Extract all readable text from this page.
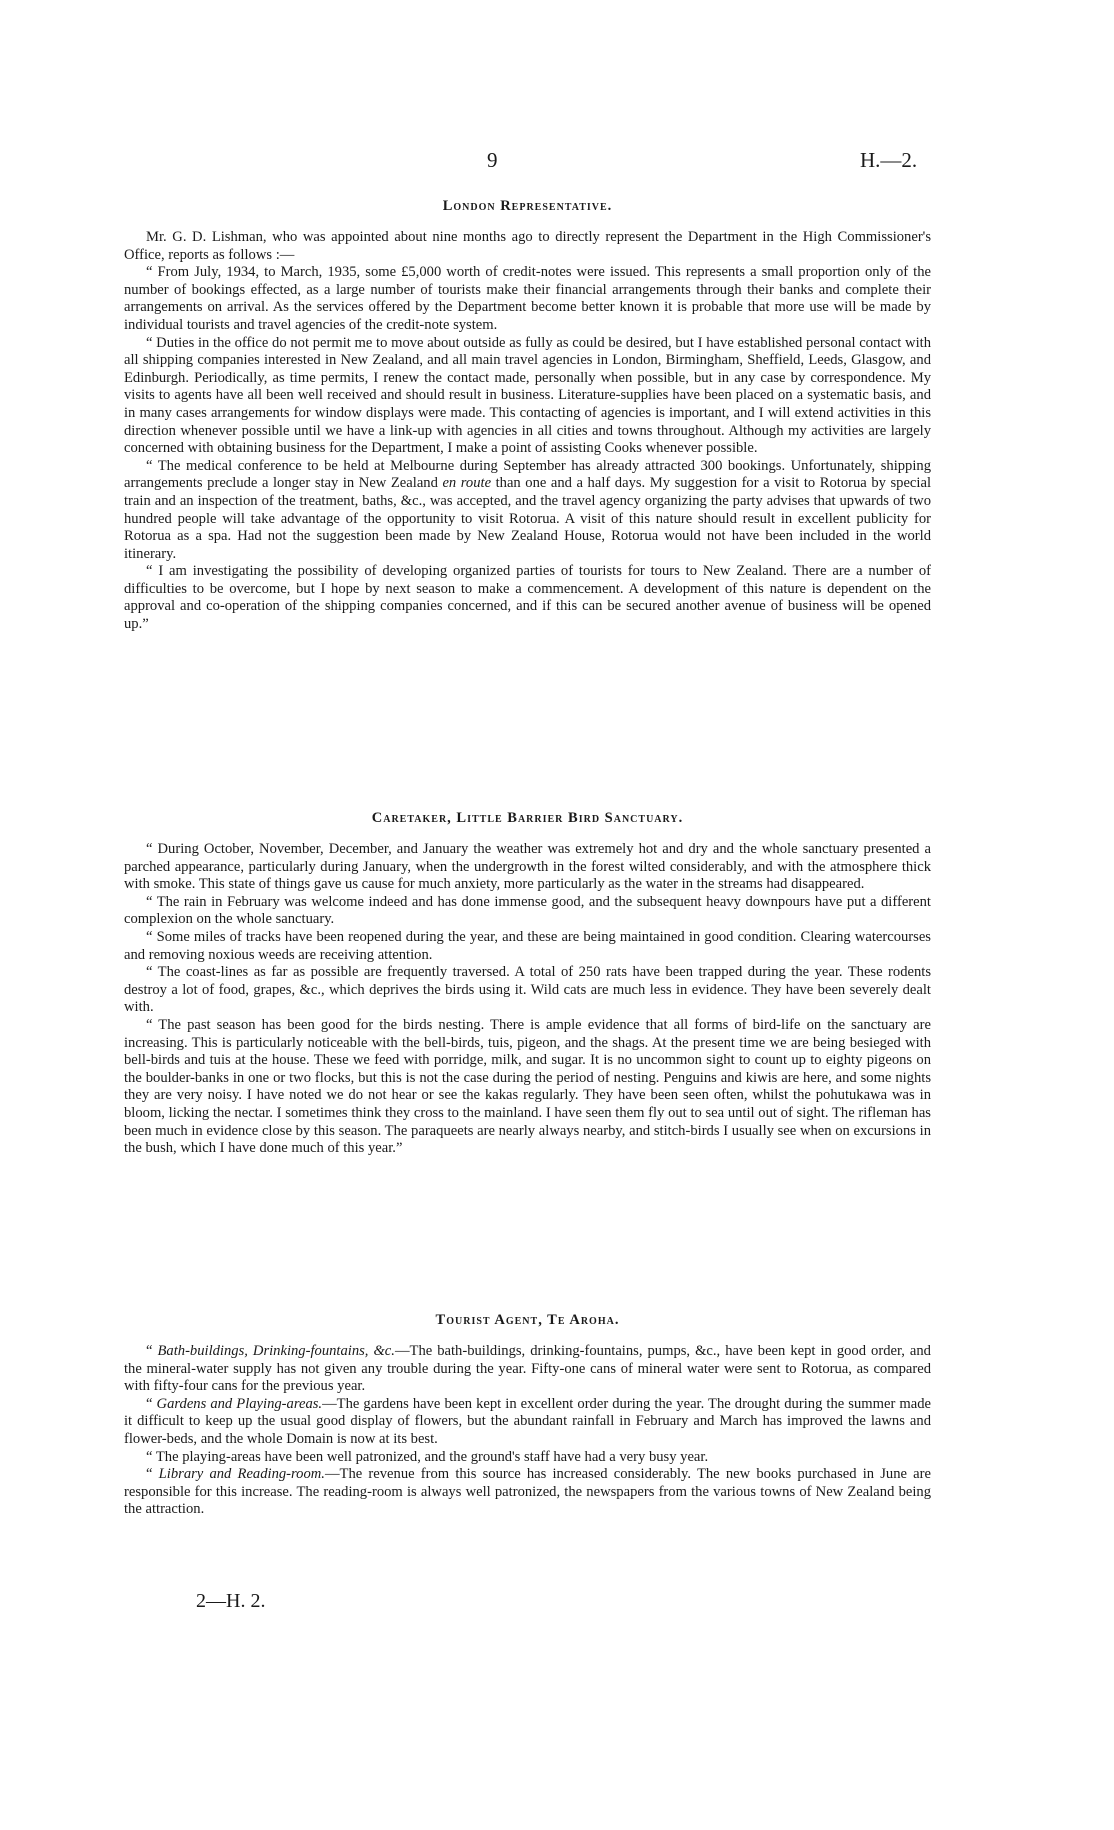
9	H.—2.
London Representative.

Mr. G. D. Lishman, who was appointed about nine months ago to directly represent the Department in the High Commissioner's Office, reports as follows :—

“ From July, 1934, to March, 1935, some £5,000 worth of credit-notes were issued. This represents a small proportion only of the number of bookings effected, as a large number of tourists make their financial arrangements through their banks and complete their arrangements on arrival. As the services offered by the Department become better known it is probable that more use will be made by individual tourists and travel agencies of the credit-note system.

“ Duties in the office do not permit me to move about outside as fully as could be desired, but I have established personal contact with all shipping companies interested in New Zealand, and all main travel agencies in London, Birmingham, Sheffield, Leeds, Glasgow, and Edinburgh. Periodically, as time permits, I renew the contact made, personally when possible, but in any case by correspondence. My visits to agents have all been well received and should result in business. Literature-supplies have been placed on a systematic basis, and in many cases arrangements for window displays were made. This contacting of agencies is important, and I will extend activities in this direction whenever possible until we have a link-up with agencies in all cities and towns throughout. Although my activities are largely concerned with obtaining business for the Department, I make a point of assisting Cooks whenever possible.

“ The medical conference to be held at Melbourne during September has already attracted 300 bookings. Unfortunately, shipping arrangements preclude a longer stay in New Zealand en route than one and a half days. My suggestion for a visit to Rotorua by special train and an inspection of the treatment, baths, &c., was accepted, and the travel agency organizing the party advises that upwards of two hundred people will take advantage of the opportunity to visit Rotorua. A visit of this nature should result in excellent publicity for Rotorua as a spa. Had not the suggestion been made by New Zealand House, Rotorua would not have been included in the world itinerary.

“ I am investigating the possibility of developing organized parties of tourists for tours to New Zealand. There are a number of difficulties to be overcome, but I hope by next season to make a commencement. A development of this nature is dependent on the approval and co-operation of the shipping companies concerned, and if this can be secured another avenue of business will be opened up.”

Caretaker, Little Barrier Bird Sanctuary.

“ During October, November, December, and January the weather was extremely hot and dry and the whole sanctuary presented a parched appearance, particularly during January, when the undergrowth in the forest wilted considerably, and with the atmosphere thick with smoke. This state of things gave us cause for much anxiety, more particularly as the water in the streams had disappeared.

“ The rain in February was welcome indeed and has done immense good, and the subsequent heavy downpours have put a different complexion on the whole sanctuary.

“ Some miles of tracks have been reopened during the year, and these are being maintained in good condition. Clearing watercourses and removing noxious weeds are receiving attention.

“ The coast-lines as far as possible are frequently traversed. A total of 250 rats have been trapped during the year. These rodents destroy a lot of food, grapes, &c., which deprives the birds using it. Wild cats are much less in evidence. They have been severely dealt with.

“ The past season has been good for the birds nesting. There is ample evidence that all forms of bird-life on the sanctuary are increasing. This is particularly noticeable with the bell-birds, tuis, pigeon, and the shags. At the present time we are being besieged with bell-birds and tuis at the house. These we feed with porridge, milk, and sugar. It is no uncommon sight to count up to eighty pigeons on the boulder-banks in one or two flocks, but this is not the case during the period of nesting. Penguins and kiwis are here, and some nights they are very noisy. I have noted we do not hear or see the kakas regularly. They have been seen often, whilst the pohutukawa was in bloom, licking the nectar. I sometimes think they cross to the mainland. I have seen them fly out to sea until out of sight. The rifleman has been much in evidence close by this season. The paraqueets are nearly always nearby, and stitch-birds I usually see when on excursions in the bush, which I have done much of this year.”

Tourist Agent, Te Aroha.

“ Bath-buildings, Drinking-fountains, &c.—The bath-buildings, drinking-fountains, pumps, &c., have been kept in good order, and the mineral-water supply has not given any trouble during the year. Fifty-one cans of mineral water were sent to Rotorua, as compared with fifty-four cans for the previous year.

“ Gardens and Playing-areas.—The gardens have been kept in excellent order during the year. The drought during the summer made it difficult to keep up the usual good display of flowers, but the abundant rainfall in February and March has improved the lawns and flower-beds, and the whole Domain is now at its best.

“ The playing-areas have been well patronized, and the ground's staff have had a very busy year.

“ Library and Reading-room.—The revenue from this source has increased considerably. The new books purchased in June are responsible for this increase. The reading-room is always well patronized, the newspapers from the various towns of New Zealand being the attraction.

2—H. 2.
